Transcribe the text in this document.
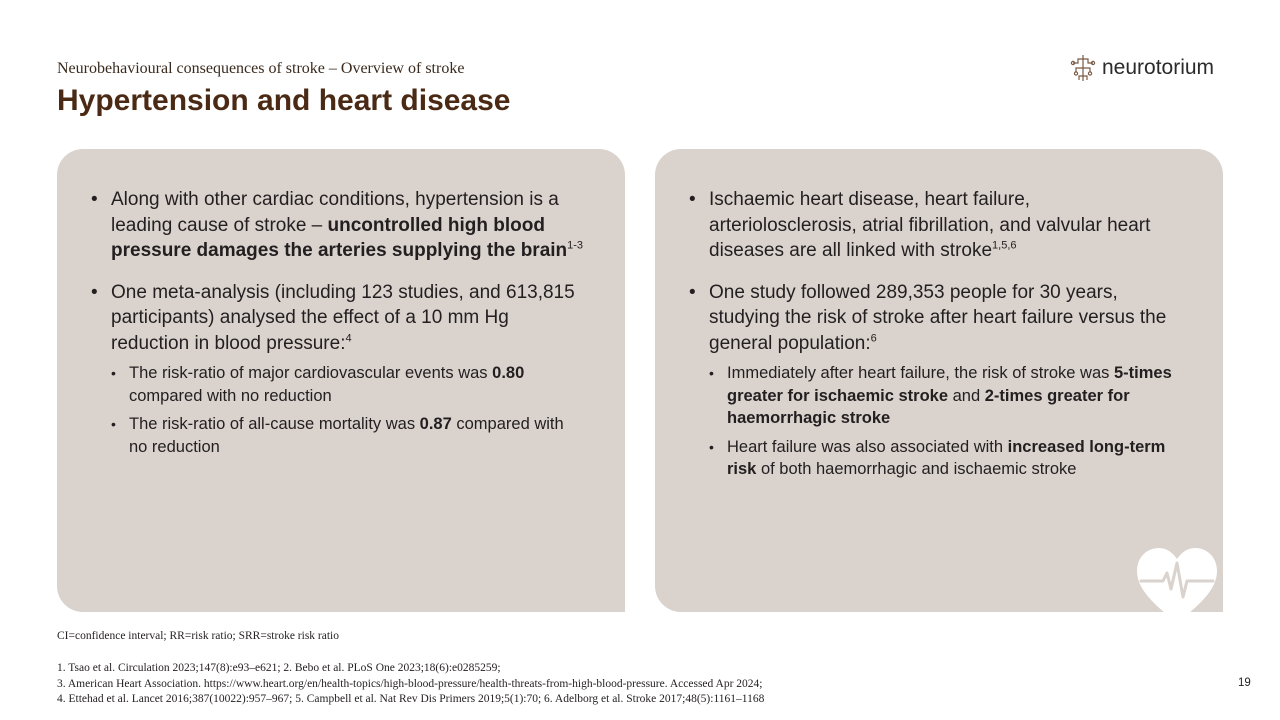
Neurobehavioural consequences of stroke – Overview of stroke
Hypertension and heart disease
neurotorium
• Along with other cardiac conditions, hypertension is a leading cause of stroke – uncontrolled high blood pressure damages the arteries supplying the brain$^{1-3}$
• One meta-analysis (including 123 studies, and 613,815 participants) analysed the effect of a 10 mm Hg reduction in blood pressure:$^4$
• The risk-ratio of major cardiovascular events was 0.80 compared with no reduction
• The risk-ratio of all-cause mortality was 0.87 compared with no reduction
• Ischaemic heart disease, heart failure, arteriolosclerosis, atrial fibrillation, and valvular heart diseases are all linked with stroke$^{1,5,6}$
• One study followed 289,353 people for 30 years, studying the risk of stroke after heart failure versus the general population:$^6$
• Immediately after heart failure, the risk of stroke was 5-times greater for ischaemic stroke and 2-times greater for haemorrhagic stroke
• Heart failure was also associated with increased long-term risk of both haemorrhagic and ischaemic stroke
CI=confidence interval; RR=risk ratio; SRR=stroke risk ratio
1. Tsao et al. Circulation 2023;147(8):e93–e621; 2. Bebo et al. PLoS One 2023;18(6):e0285259;
3. American Heart Association. https://www.heart.org/en/health-topics/high-blood-pressure/health-threats-from-high-blood-pressure. Accessed Apr 2024;
4. Ettehad et al. Lancet 2016;387(10022):957–967; 5. Campbell et al. Nat Rev Dis Primers 2019;5(1):70; 6. Adelborg et al. Stroke 2017;48(5):1161–1168
19
